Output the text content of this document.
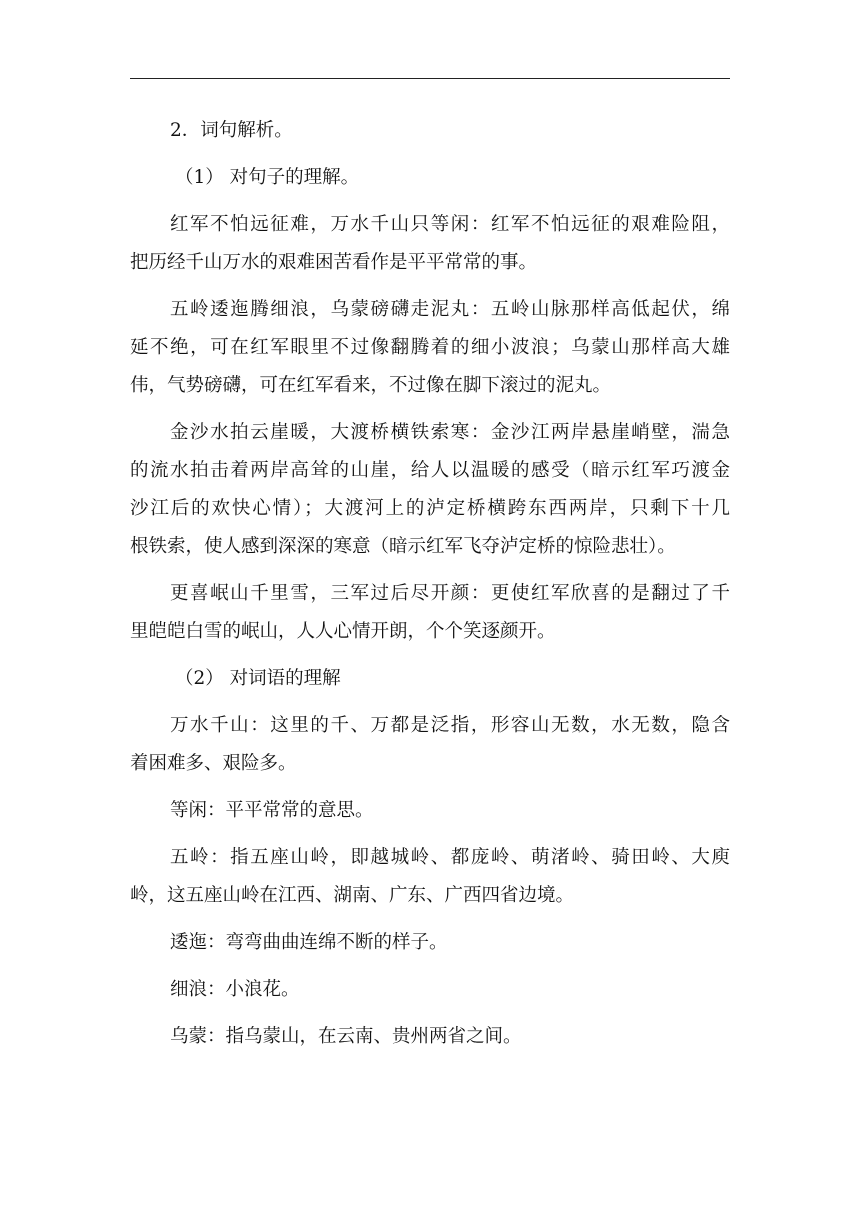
2．词句解析。
（1） 对句子的理解。
红军不怕远征难，万水千山只等闲：红军不怕远征的艰难险阻，
把历经千山万水的艰难困苦看作是平平常常的事。
五岭逶迤腾细浪，乌蒙磅礴走泥丸：五岭山脉那样高低起伏，绵
延不绝，可在红军眼里不过像翻腾着的细小波浪；乌蒙山那样高大雄
伟，气势磅礴，可在红军看来，不过像在脚下滚过的泥丸。
金沙水拍云崖暖，大渡桥横铁索寒：金沙江两岸悬崖峭壁，湍急
的流水拍击着两岸高耸的山崖，给人以温暖的感受（暗示红军巧渡金
沙江后的欢快心情）；大渡河上的泸定桥横跨东西两岸，只剩下十几
根铁索，使人感到深深的寒意（暗示红军飞夺泸定桥的惊险悲壮）。
更喜岷山千里雪，三军过后尽开颜：更使红军欣喜的是翻过了千
里皑皑白雪的岷山，人人心情开朗，个个笑逐颜开。
（2） 对词语的理解
万水千山：这里的千、万都是泛指，形容山无数，水无数，隐含
着困难多、艰险多。
等闲：平平常常的意思。
五岭：指五座山岭，即越城岭、都庞岭、萌渚岭、骑田岭、大庾
岭，这五座山岭在江西、湖南、广东、广西四省边境。
逶迤：弯弯曲曲连绵不断的样子。
细浪：小浪花。
乌蒙：指乌蒙山，在云南、贵州两省之间。
